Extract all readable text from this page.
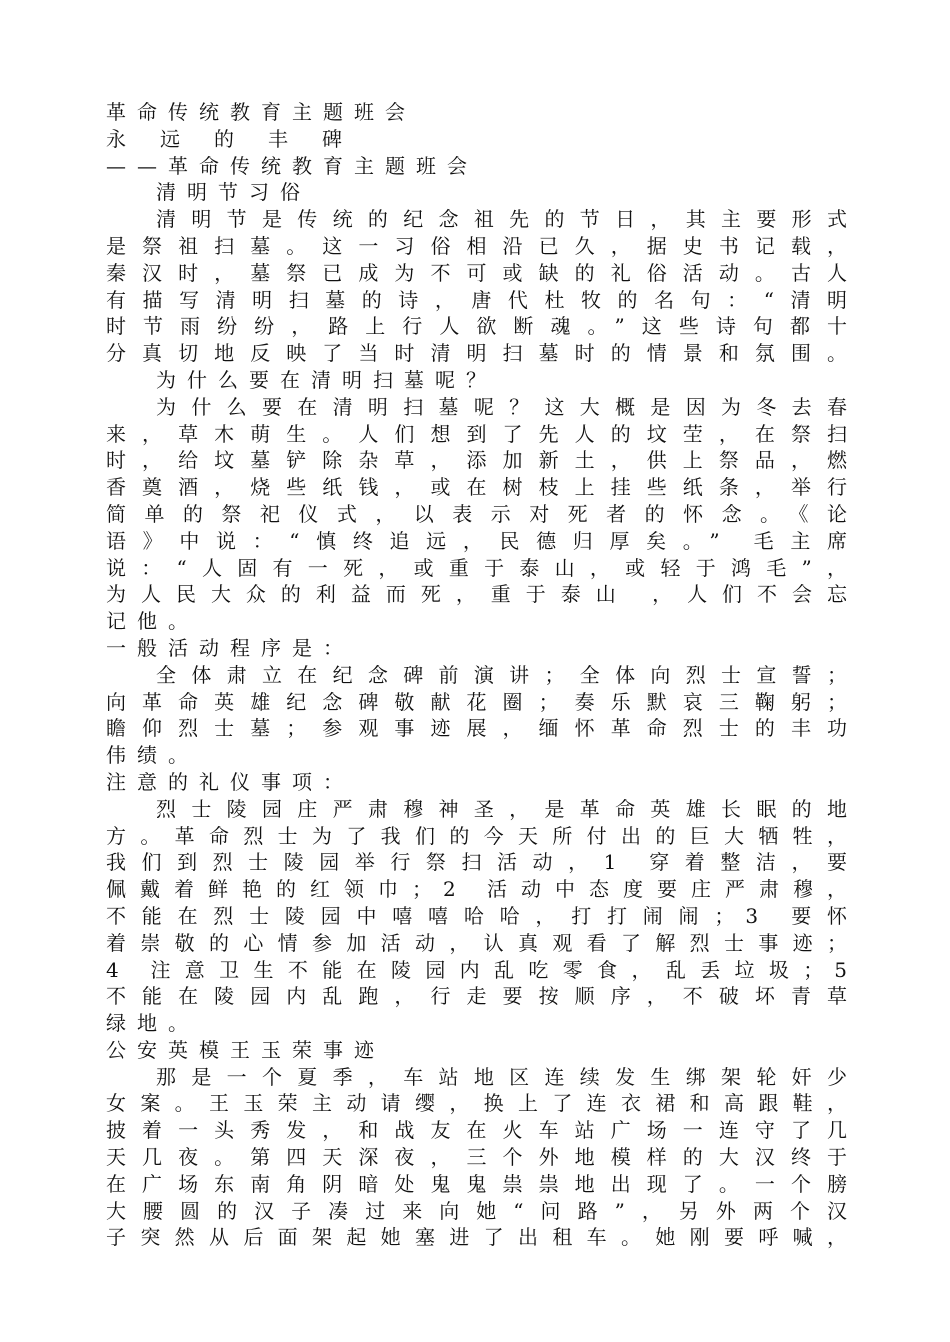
革命传统教育主题班会
永远的丰碑
——革命传统教育主题班会
清明节习俗
清明节是传统的纪念祖先的节日，其主要形式
是祭祖扫墓。这一习俗相沿已久，据史书记载，
秦汉时，墓祭已成为不可或缺的礼俗活动。古人
有描写清明扫墓的诗，唐代杜牧的名句：“清明
时节雨纷纷，路上行人欲断魂。”这些诗句都十
分真切地反映了当时清明扫墓时的情景和氛围。
为什么要在清明扫墓呢？
为什么要在清明扫墓呢？这大概是因为冬去春
来，草木萌生。人们想到了先人的坟茔，在祭扫
时，给坟墓铲除杂草，添加新土，供上祭品，燃
香奠酒，烧些纸钱，或在树枝上挂些纸条，举行
简单的祭祀仪式，以表示对死者的怀念。《论
语》中说：“慎终追远，民德归厚矣。” 毛主席
说：“人固有一死，或重于泰山，或轻于鸿毛”，
为人民大众的利益而死，重于泰山 ，人们不会忘
记他。
一般活动程序是：
全体肃立在纪念碑前演讲；全体向烈士宣誓；
向革命英雄纪念碑敬献花圈；奏乐默哀三鞠躬；
瞻仰烈士墓；参观事迹展，缅怀革命烈士的丰功
伟绩。
注意的礼仪事项：
烈士陵园庄严肃穆神圣，是革命英雄长眠的地
方。革命烈士为了我们的今天所付出的巨大牺牲，
我们到烈士陵园举行祭扫活动，1 穿着整洁，要
佩戴着鲜艳的红领巾；2 活动中态度要庄严肃穆，
不能在烈士陵园中嘻嘻哈哈，打打闹闹；3 要怀
着崇敬的心情参加活动，认真观看了解烈士事迹；
4 注意卫生不能在陵园内乱吃零食，乱丢垃圾；5
不能在陵园内乱跑，行走要按顺序，不破坏青草
绿地。
公安英模王玉荣事迹
那是一个夏季，车站地区连续发生绑架轮奸少
女案。王玉荣主动请缨，换上了连衣裙和高跟鞋，
披着一头秀发，和战友在火车站广场一连守了几
天几夜。第四天深夜，三个外地模样的大汉终于
在广场东南角阴暗处鬼鬼祟祟地出现了。一个膀
大腰圆的汉子凑过来向她“问路”，另外两个汉
子突然从后面架起她塞进了出租车。她刚要呼喊，
